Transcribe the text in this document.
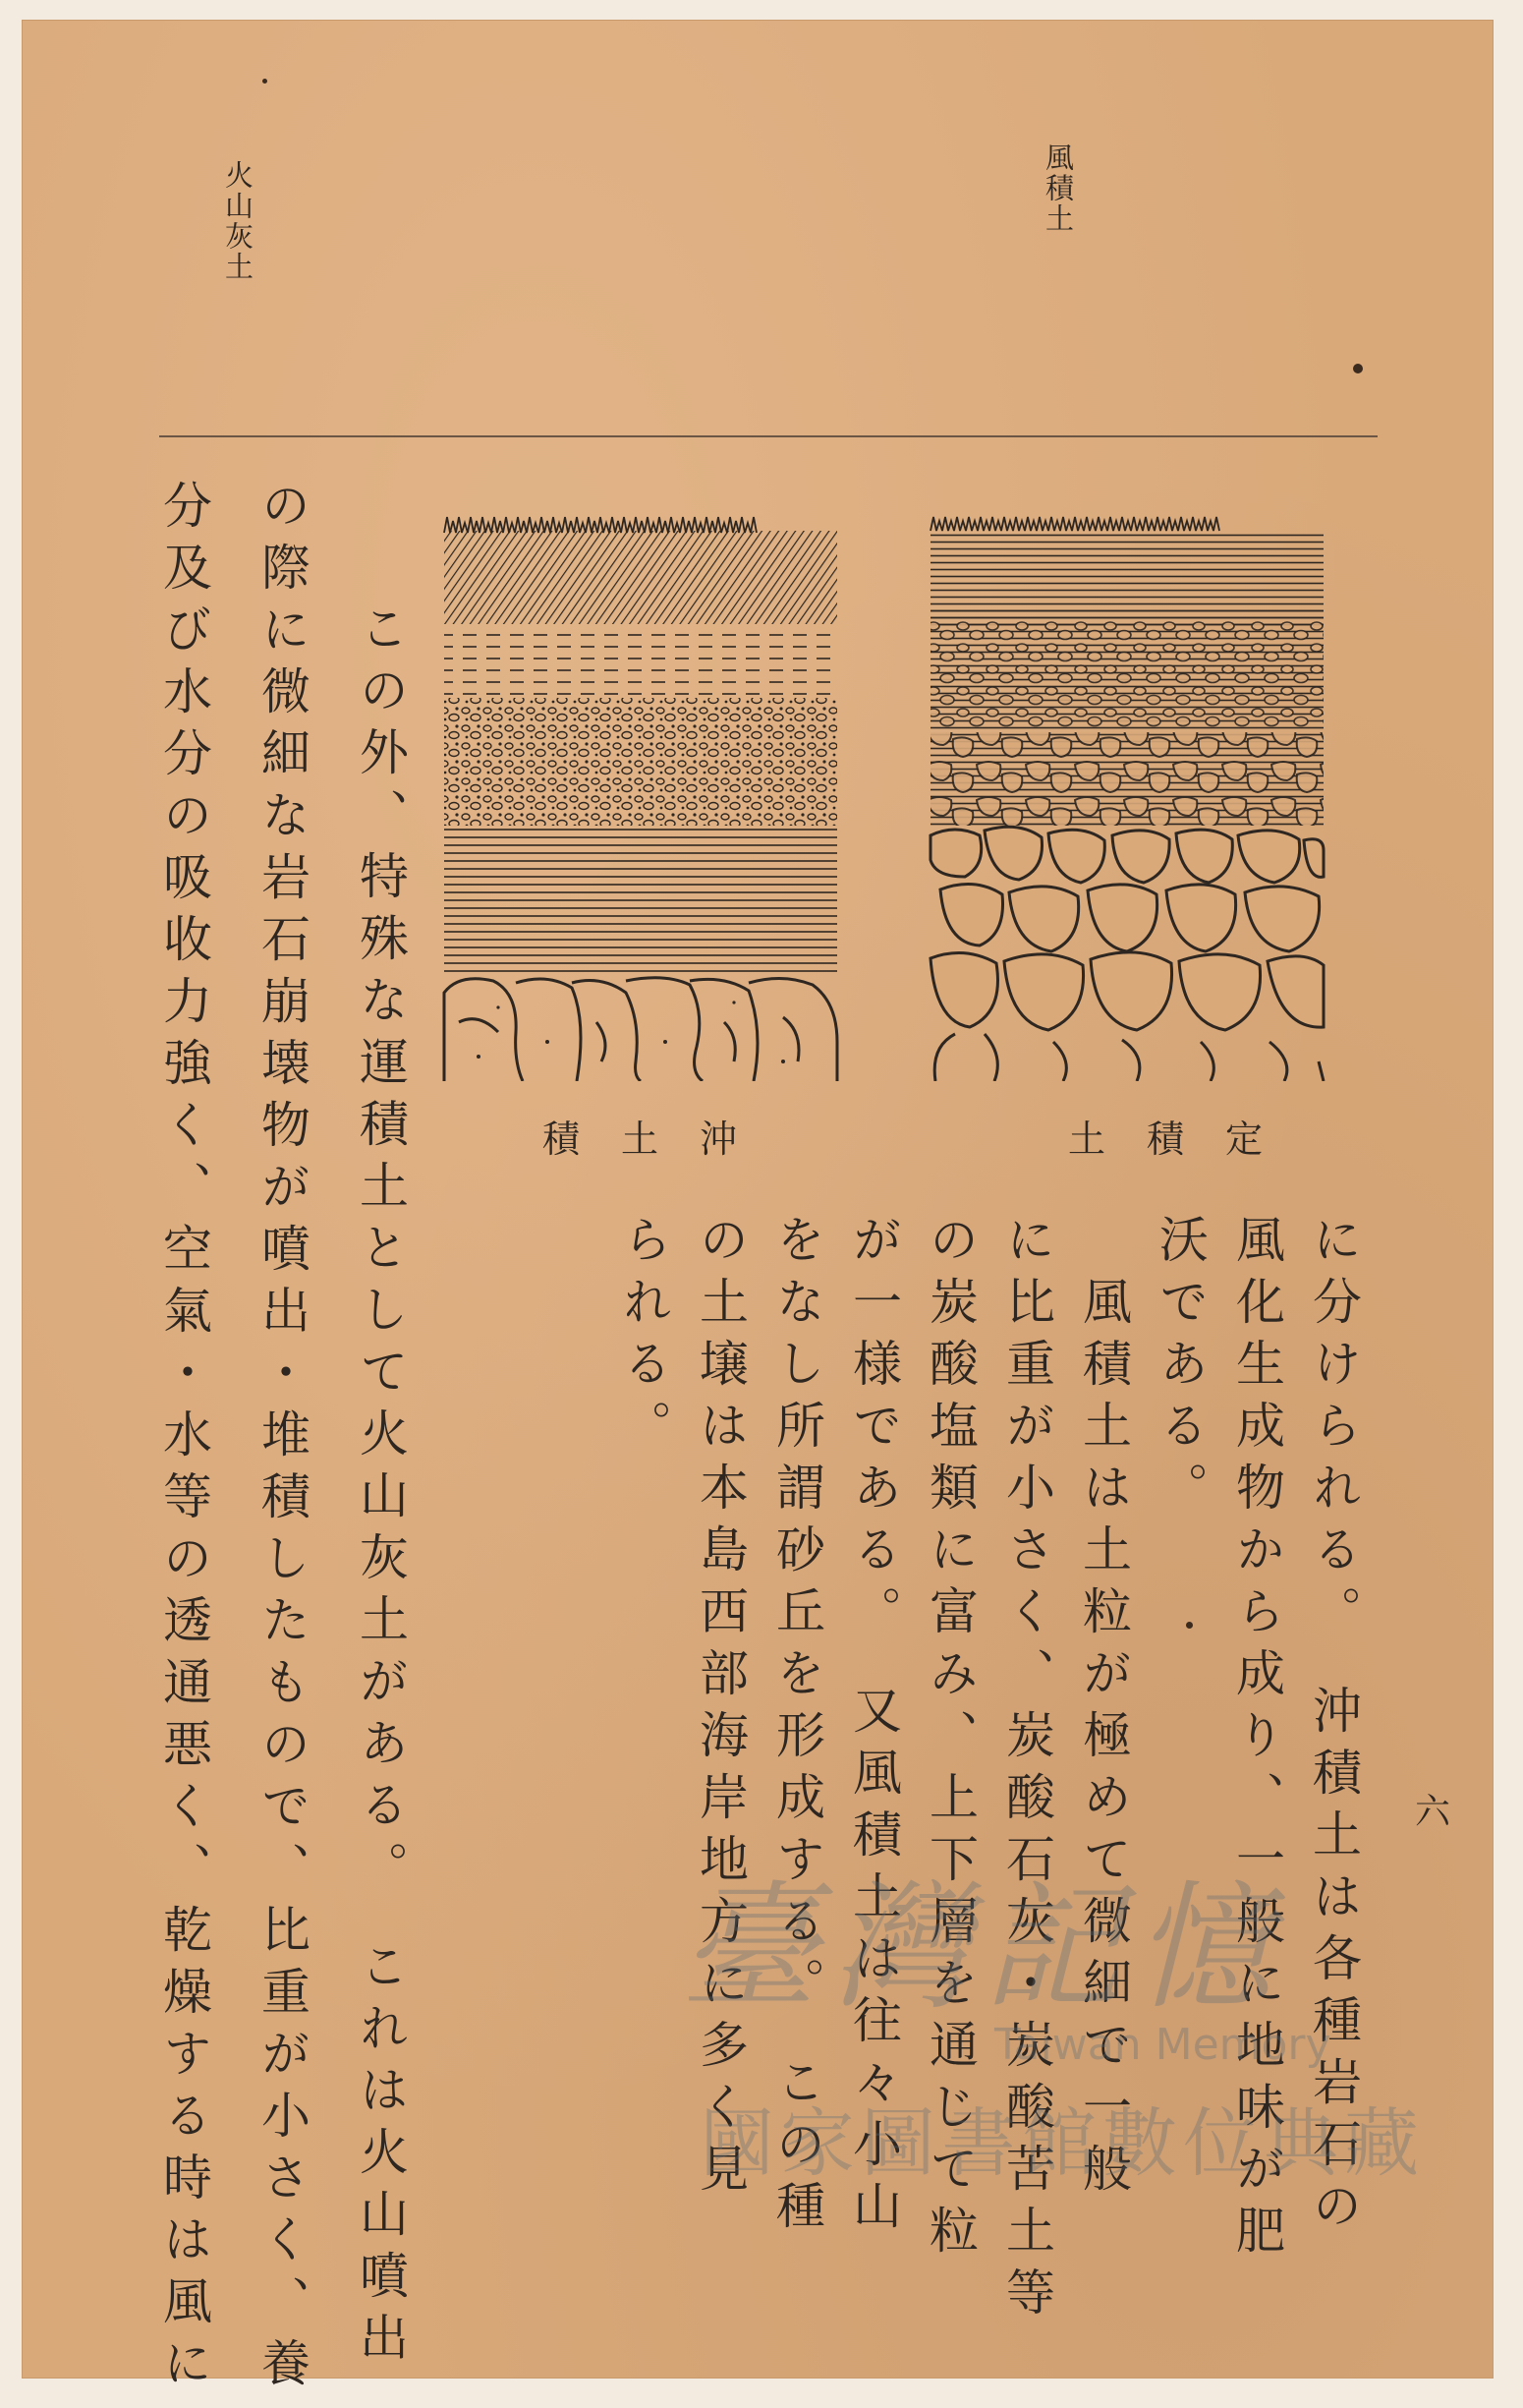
火山灰土	風積土
積土沖	土積定
六
に分けられる。　沖積土は各種岩石の
風化生成物から成り、一般に地味が肥
沃である。
　風積土は土粒が極めて微細で一般
に比重が小さく、炭酸石灰・炭酸苦土等
の炭酸塩類に富み、上下層を通じて粒
が一様である。　又風積土は往々小山
をなし所謂砂丘を形成する。　この種
の土壌は本島西部海岸地方に多く見
られる。
　この外、特殊な運積土として火山灰土がある。　これは火山噴出
の際に微細な岩石崩壊物が噴出・堆積したもので、比重が小さく、養
分及び水分の吸收力強く、空氣・水等の透通悪く、乾燥する時は風に	臺灣記憶
Taiwan Memory
國家圖書館數位典藏
